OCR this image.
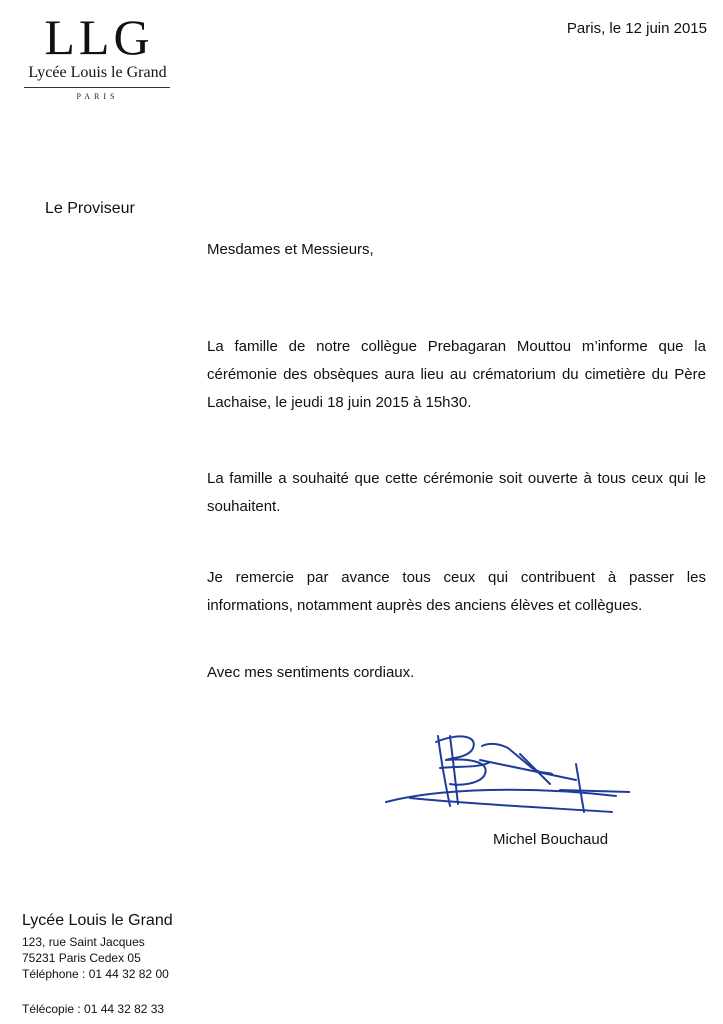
LLG
Lycée Louis le Grand
PARIS
Paris, le 12 juin 2015
Le Proviseur
Mesdames et Messieurs,

La famille de notre collègue Prebagaran Mouttou m’informe que la cérémonie des obsèques aura lieu au crématorium du cimetière du Père Lachaise, le jeudi 18 juin 2015 à 15h30.

La famille a souhaité que cette cérémonie soit ouverte à tous ceux qui le souhaitent.

Je remercie par avance tous ceux qui contribuent à passer les informations, notamment auprès des anciens élèves et collègues.

Avec mes sentiments cordiaux.
Michel Bouchaud
Lycée Louis le Grand
123, rue Saint Jacques
75231 Paris Cedex 05
Téléphone : 01 44 32 82 00
Télécopie : 01 44 32 82 33
